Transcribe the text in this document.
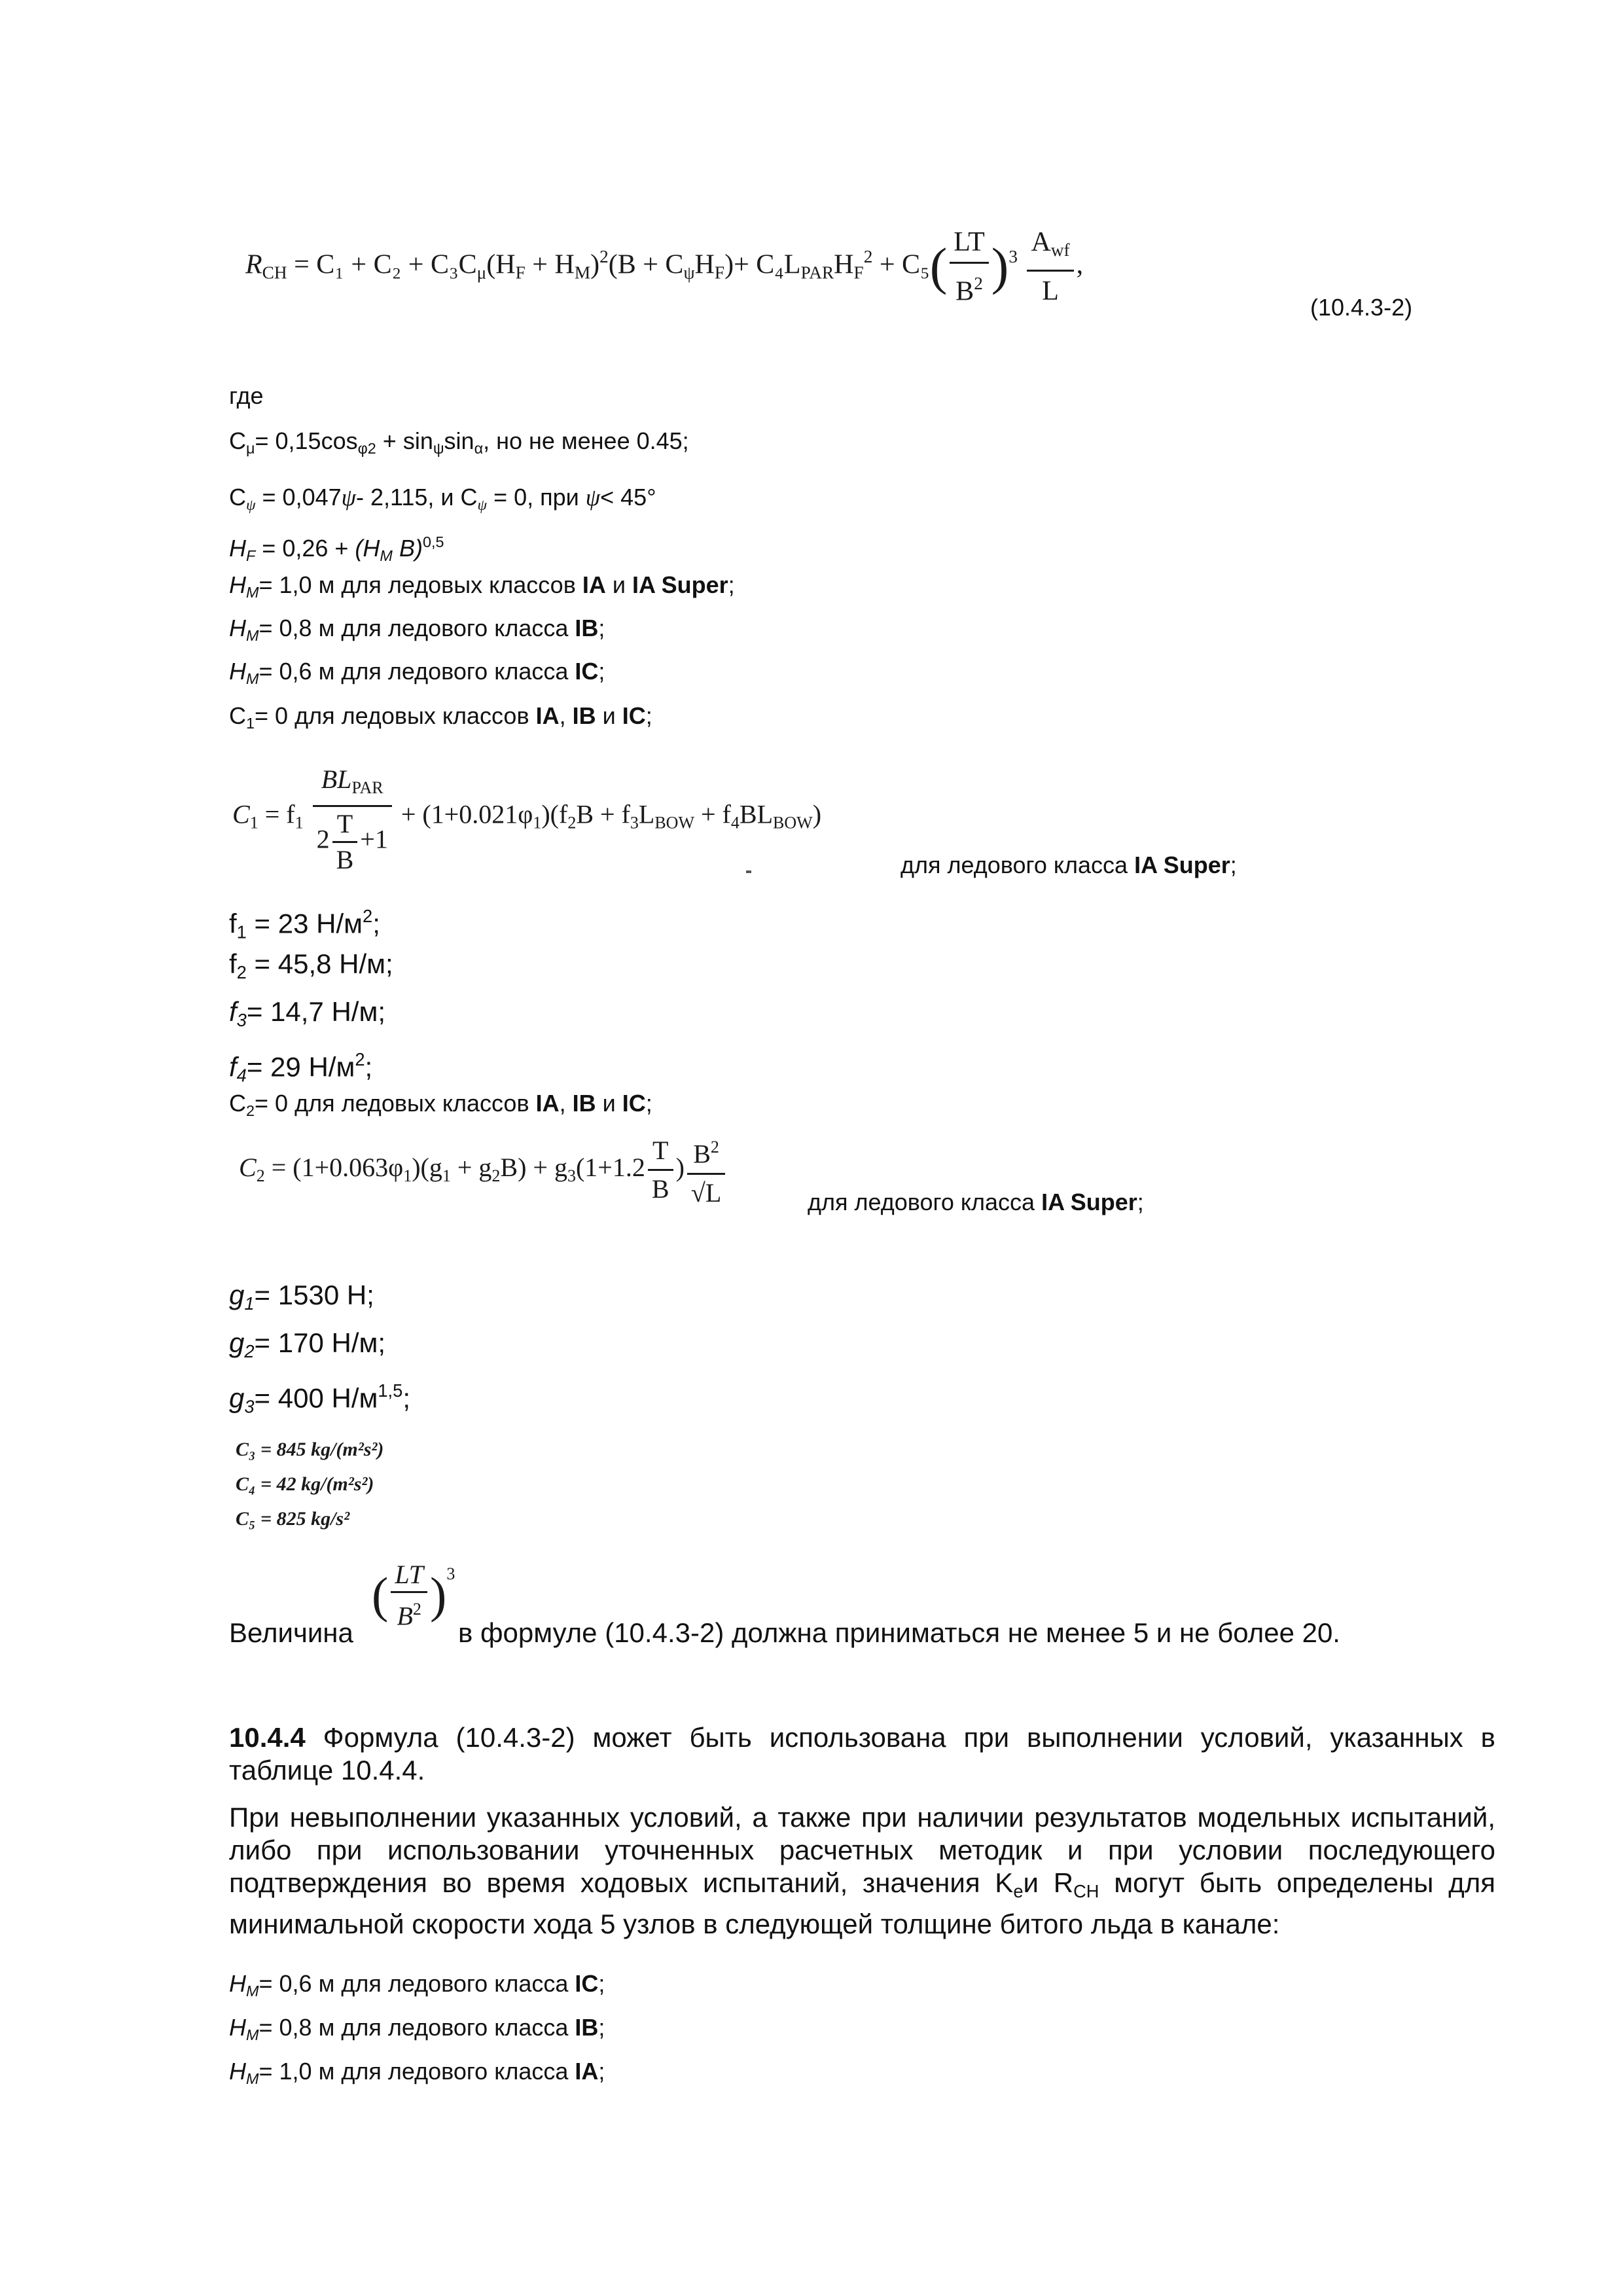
$R_{CH} = C_1 + C_2 + C_3C_\mu(H_F + H_M)^2(B + C_\psi H_F)+ C_4L_{PAR}H_F^2 + C_5( \frac{LT}{B^2} )^3 \frac{A_{wf}}{L}$ ,
(10.4.3-2)
где
$C_\mu= 0,15\cos_{\varphi 2} + \sin_\psi\sin_\alpha$, но не менее 0.45;
$C_\psi = 0,047\psi-$ 2,115, и $C_\psi = 0$, при ψ< 45°
$H_F = 0,26 + (H_M$ B)$^{0,5}$
$H_M= 1,0$ м для ледовых классов IA и IA Super;
$H_M= 0,8$ м для ледового класса IB;
$H_M= 0,6$ м для ледового класса IC;
$C_1= 0$ для ледовых классов IA, IB и IC;
$C_1 = f_1 \frac{BL_{PAR}}{2 \frac{T}{B} +1} + (1+0.021\varphi_1)(f_2B + f_3L_{BOW} + f_4BL_{BOW})$
для ледового класса IA Super;
$f_1 = 23$ $Н/м^2$;
$f_2 = 45,8$ Н/м;
$f_3= 14,7$ Н/м;
$f_4= 29$ $Н/м^2$;
$C_2= 0$ для ледовых классов IA, IB и IC;
$C_2 = (1+0.063\varphi_1)(g_1 + g_2B) + g_3(1+1.2 \frac{T}{B}$ ) $\frac{B^2}{√L}$	для ледового класса IA Super;
$g_1= 1530$ Н;
$g_2= 170$ Н/м;
$g_3= 400$ $Н/м^{1,5}$;
C₃ = 845 kg/(m²s²)
C₄ = 42 kg/(m²s²)
C₅ = 825 kg/s²
Величина
( $\frac{LT}{B^2} )^3$
в формуле (10.4.3-2) должна приниматься не менее 5 и не более 20.
10.4.4 Формула (10.4.3-2) может быть использована при выполнении условий, указанных в таблице 10.4.4.
При невыполнении указанных условий, а также при наличии результатов модельных испытаний, либо при использовании уточненных расчетных методик и при условии последующего подтверждения во время ходовых испытаний, значения $K_eи$ $R_{CH}$ могут быть определены для минимальной скорости хода 5 узлов в следующей толщине битого льда в канале:
$H_M= 0,6$ м для ледового класса IC;
$H_M= 0,8$ м для ледового класса IB;
$H_M= 1,0$ м для ледового класса IA;
